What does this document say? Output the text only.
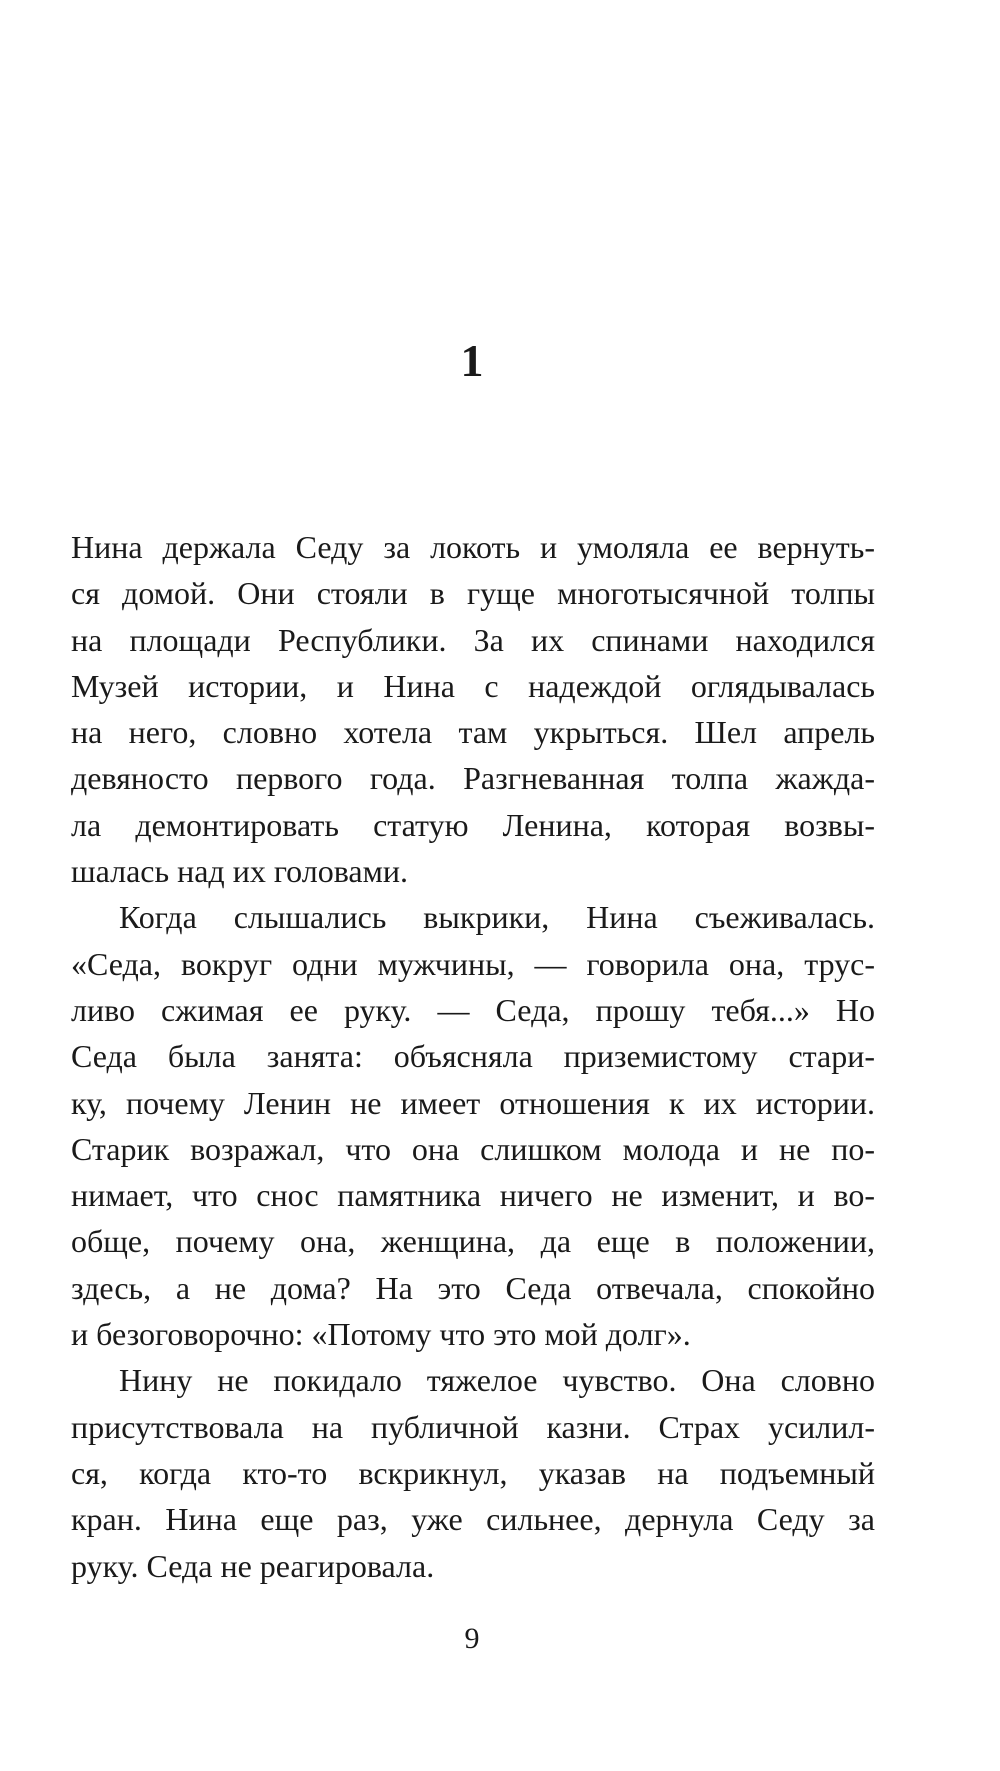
1
Нина держала Седу за локоть и умоляла ее вернуть-
ся домой. Они стояли в гуще многотысячной толпы
на площади Республики. За их спинами находился
Музей истории, и Нина с надеждой оглядывалась
на него, словно хотела там укрыться. Шел апрель
девяносто первого года. Разгневанная толпа жажда-
ла демонтировать статую Ленина, которая возвы-
шалась над их головами.
Когда слышались выкрики, Нина съеживалась.
«Седа, вокруг одни мужчины, — говорила она, трус-
ливо сжимая ее руку. — Седа, прошу тебя...» Но
Седа была занята: объясняла приземистому стари-
ку, почему Ленин не имеет отношения к их истории.
Старик возражал, что она слишком молода и не по-
нимает, что снос памятника ничего не изменит, и во-
обще, почему она, женщина, да еще в положении,
здесь, а не дома? На это Седа отвечала, спокойно
и безоговорочно: «Потому что это мой долг».
Нину не покидало тяжелое чувство. Она словно
присутствовала на публичной казни. Страх усилил-
ся, когда кто-то вскрикнул, указав на подъемный
кран. Нина еще раз, уже сильнее, дернула Седу за
руку. Седа не реагировала.
9
